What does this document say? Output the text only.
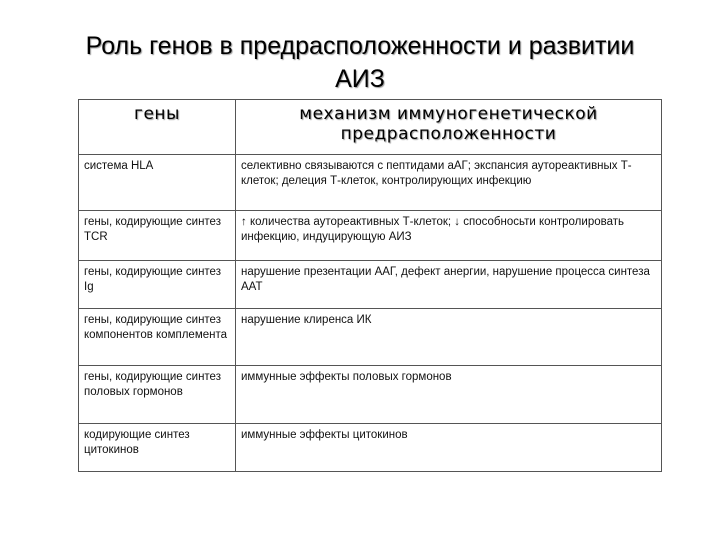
Роль генов в предрасположенности и развитии
АИЗ
гены	механизм иммуногенетической предрасположенности
система HLA	селективно связываются с пептидами аАГ; экспансия аутореактивных Т-клеток; делеция Т-клеток, контролирующих инфекцию
гены, кодирующие синтез TCR	↑ количества аутореактивных Т-клеток; ↓ способносьти контролировать инфекцию, индуцирующую АИЗ
гены, кодирующие синтез Ig	нарушение презентации ААГ, дефект анергии, нарушение процесса синтеза ААТ
гены, кодирующие синтез компонентов комплемента	нарушение клиренса ИК
гены, кодирующие синтез половых гормонов	иммунные эффекты половых гормонов
кодирующие синтез цитокинов	иммунные эффекты цитокинов
